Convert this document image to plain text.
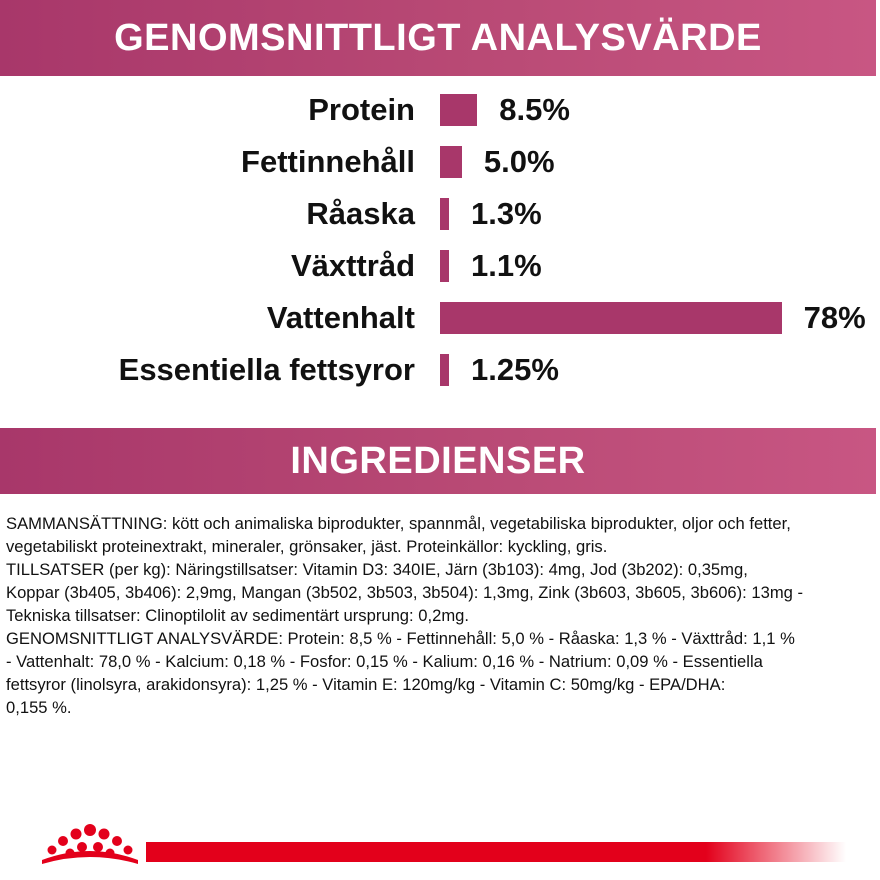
GENOMSNITTLIGT ANALYSVÄRDE
Protein	8.5%
Fettinnehåll 5.0%
Råaska 1.3%
Växttråd 1.1%
Vattenhalt	78%
Essentiella fettsyror 1.25%
INGREDIENSER

SAMMANSÄTTNING: kött och animaliska biprodukter, spannmål, vegetabiliska biprodukter, oljor och fetter,

vegetabiliskt proteinextrakt, mineraler, grönsaker, jäst. Proteinkällor: kyckling, gris.

TILLSATSER (per kg): Näringstillsatser: Vitamin D3: 340IE, Järn (3b103): 4mg, Jod (3b202): 0,35mg,

Koppar (3b405, 3b406): 2,9mg, Mangan (3b502, 3b503, 3b504): 1,3mg, Zink (3b603, 3b605, 3b606): 13mg -

Tekniska tillsatser: Clinoptilolit av sedimentärt ursprung: 0,2mg.

GENOMSNITTLIGT ANALYSVÄRDE: Protein: 8,5 % - Fettinnehåll: 5,0 % - Råaska: 1,3 % - Växttråd: 1,1 %

- Vattenhalt: 78,0 % - Kalcium: 0,18 % - Fosfor: 0,15 % - Kalium: 0,16 % - Natrium: 0,09 % - Essentiella

fettsyror (linolsyra, arakidonsyra): 1,25 % - Vitamin E: 120mg/kg - Vitamin C: 50mg/kg - EPA/DHA:

0,155 %.
